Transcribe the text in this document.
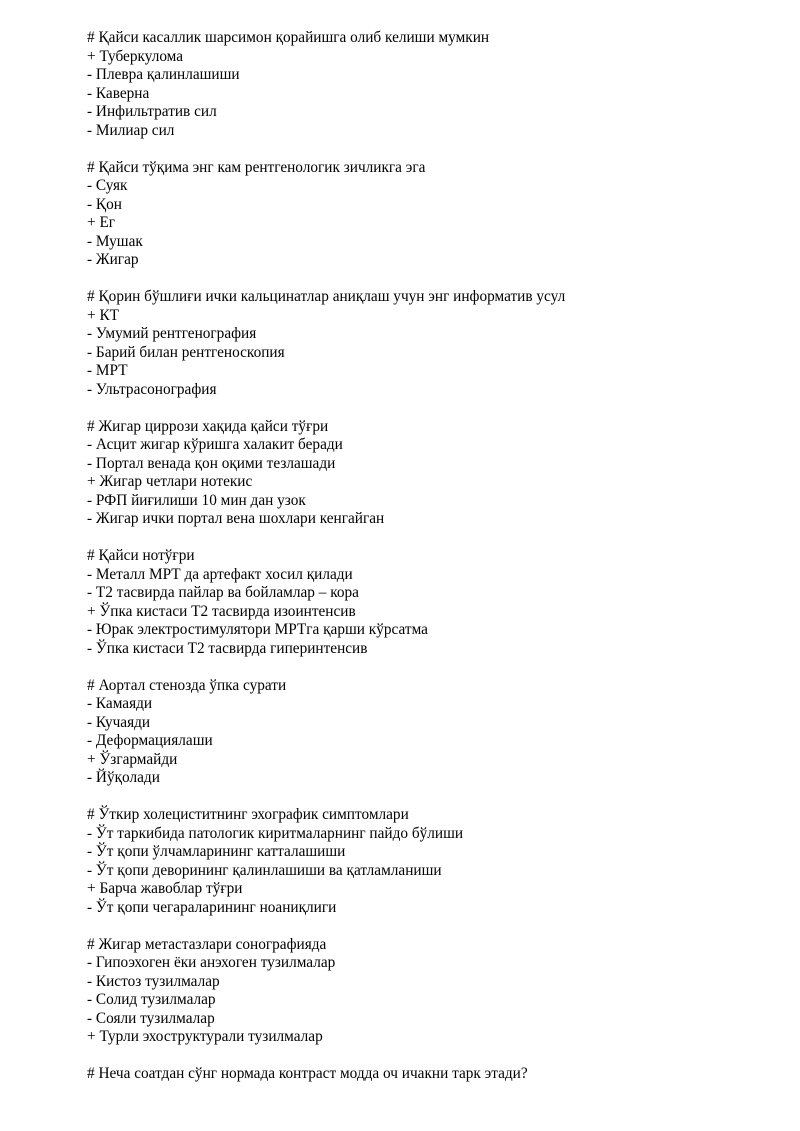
# Қайси касаллик шарсимон қорайишга олиб келиши мумкин
+ Туберкулома
- Плевра қалинлашиши
- Каверна
- Инфильтратив сил
- Милиар сил
# Қайси тўқима энг кам рентгенологик зичликга эга
- Суяк
- Қон
+ Ег
- Мушак
- Жигар
# Қорин бўшлиғи ички кальцинатлар аниқлаш учун энг информатив усул
+ КТ
- Умумий рентгенография
- Барий билан рентгеноскопия
- МРТ
- Ультрасонография
# Жигар циррози хақида қайси тўғри
- Асцит жигар кўришга халакит беради
- Портал венада қон оқими тезлашади
+ Жигар четлари нотекис
- РФП йиғилиши 10 мин дан узок
- Жигар ички портал вена шохлари кенгайган
# Қайси нотўғри
- Металл МРТ да артефакт хосил қилади
- Т2 тасвирда пайлар ва бойламлар – кора
+ Ўпка кистаси Т2 тасвирда изоинтенсив
- Юрак электростимулятори МРТга қарши кўрсатма
- Ўпка кистаси Т2 тасвирда гиперинтенсив
# Аортал стенозда ўпка сурати
- Камаяди
- Кучаяди
- Деформациялаши
+ Ўзгармайди
- Йўқолади
# Ўткир холециститнинг эхографик симптомлари
- Ўт таркибида патологик киритмаларнинг пайдо бўлиши
- Ўт қопи ўлчамларининг катталашиши
- Ўт қопи деворининг қалинлашиши ва қатламланиши
+ Барча жавоблар тўғри
- Ўт қопи чегараларининг ноаниқлиги
# Жигар метастазлари сонографияда
- Гипоэхоген ёки анэхоген тузилмалар
- Кистоз тузилмалар
- Солид тузилмалар
- Сояли тузилмалар
+ Турли эхоструктурали тузилмалар
# Неча соатдан сўнг нормада контраст модда оч ичакни тарк этади?
